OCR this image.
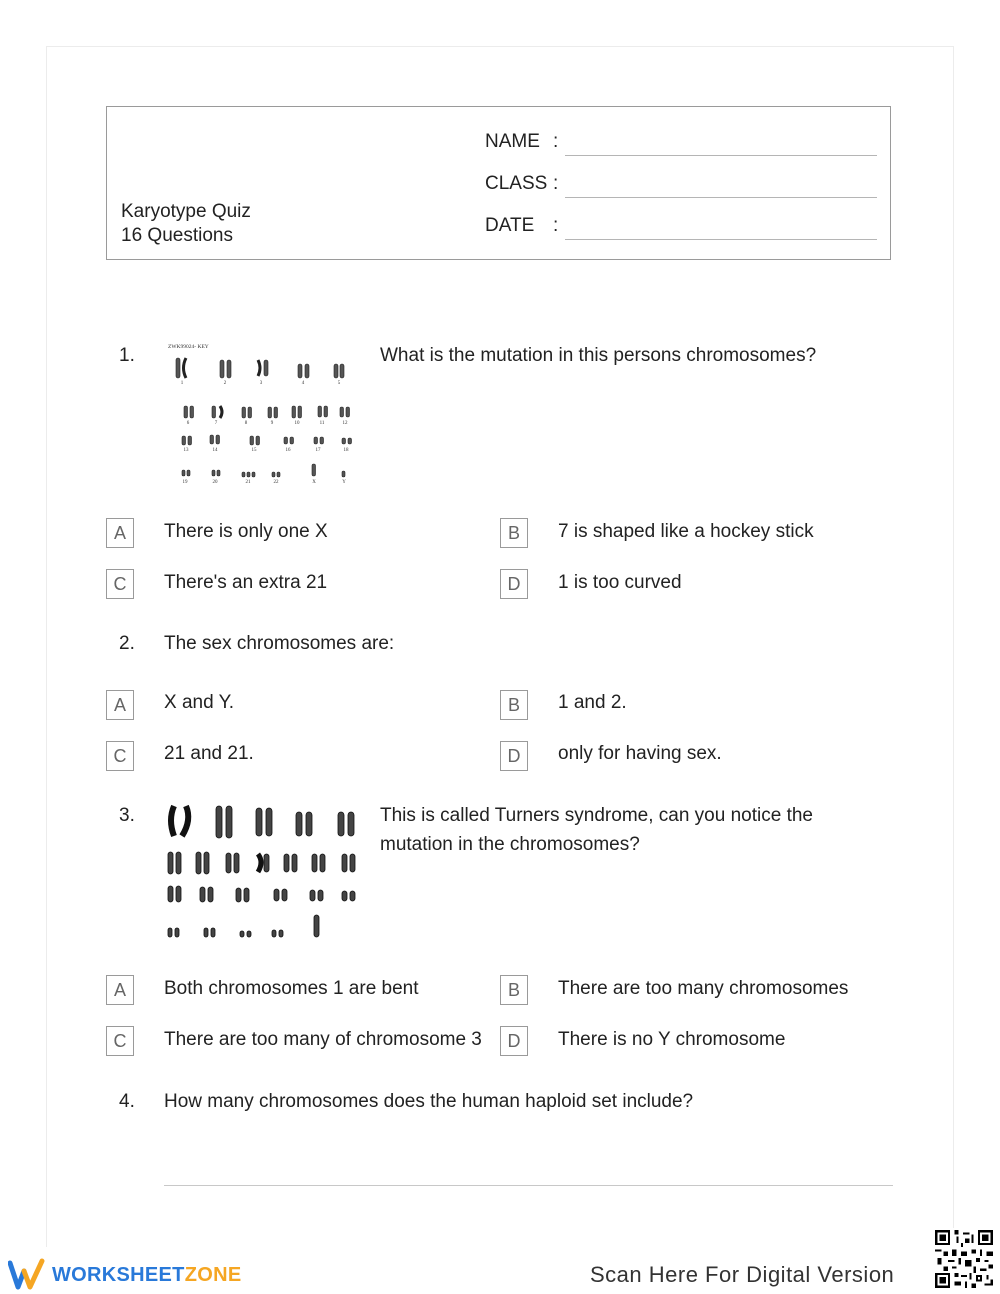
Karyotype Quiz
16 Questions
NAME :
CLASS :
DATE :
1.	ZWK99024- KEY
1	2	3	4	5
6	7	8	9	10	11	12
13	14	15	16	17	18
19	20	21	22	X	Y
What is the mutation in this persons chromosomes?
A	There is only one X	B	7 is shaped like a hockey stick
C	There's an extra 21	D	1 is too curved
2. The sex chromosomes are:
A	X and Y.	B	1 and 2.
C	21 and 21.	D	only for having sex.
3.	This is called Turners syndrome, can you notice the
mutation in the chromosomes?
A	Both chromosomes 1 are bent	B	There are too many chromosomes
C	There are too many of chromosome 3	D	There is no Y chromosome
4. How many chromosomes does the human haploid set include?
WORKSHEETZONE	Scan Here For Digital Version
